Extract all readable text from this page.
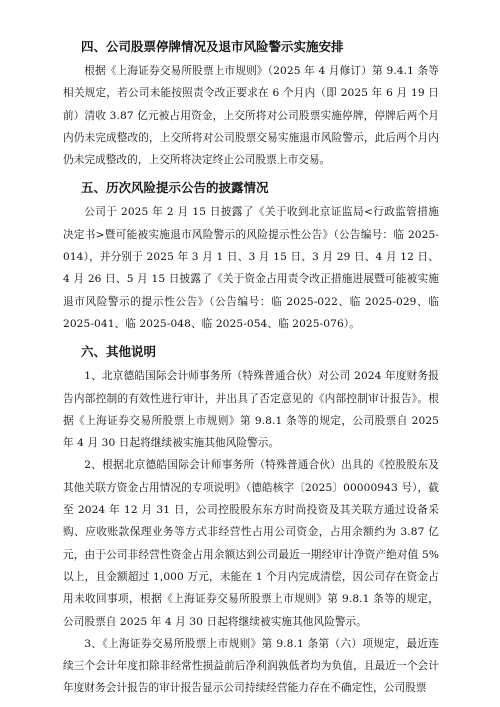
四、公司股票停牌情况及退市风险警示实施安排

根据《上海证券交易所股票上市规则》（2025 年 4 月修订）第 9.4.1 条等相关规定，若公司未能按照责令改正要求在 6 个月内（即 2025 年 6 月 19 日前）清收 3.87 亿元被占用资金，上交所将对公司股票实施停牌，停牌后两个月内仍未完成整改的，上交所将对公司股票交易实施退市风险警示，此后两个月内仍未完成整改的，上交所将决定终止公司股票上市交易。

五、历次风险提示公告的披露情况

公司于 2025 年 2 月 15 日披露了《关于收到北京证监局<行政监管措施决定书>暨可能被实施退市风险警示的风险提示性公告》（公告编号：临 2025-014），并分别于 2025 年 3 月 1 日、3 月 15 日、3 月 29 日、4 月 12 日、4 月 26 日、5 月 15 日披露了《关于资金占用责令改正措施进展暨可能被实施退市风险警示的提示性公告》（公告编号：临 2025-022、临 2025-029、临 2025-041、临 2025-048、临 2025-054、临 2025-076）。

六、其他说明

1、北京德皓国际会计师事务所（特殊普通合伙）对公司 2024 年度财务报告内部控制的有效性进行审计，并出具了否定意见的《内部控制审计报告》。根据《上海证券交易所股票上市规则》第 9.8.1 条等的规定，公司股票自 2025 年 4 月 30 日起将继续被实施其他风险警示。

2、根据北京德皓国际会计师事务所（特殊普通合伙）出具的《控股股东及其他关联方资金占用情况的专项说明》（德皓核字〔2025〕00000943 号），截至 2024 年 12 月 31 日，公司控股股东东方时尚投资及其关联方通过设备采购、应收账款保理业务等方式非经营性占用公司资金，占用余额约为 3.87 亿元，由于公司非经营性资金占用余额达到公司最近一期经审计净资产绝对值 5%以上，且金额超过 1,000 万元，未能在 1 个月内完成清偿，因公司存在资金占用未收回事项，根据《上海证券交易所股票上市规则》第 9.8.1 条等的规定，公司股票自 2025 年 4 月 30 日起将继续被实施其他风险警示。

3、《上海证券交易所股票上市规则》第 9.8.1 条第（六）项规定，最近连续三个会计年度扣除非经常性损益前后净利润孰低者均为负值，且最近一个会计年度财务会计报告的审计报告显示公司持续经营能力存在不确定性，公司股票
